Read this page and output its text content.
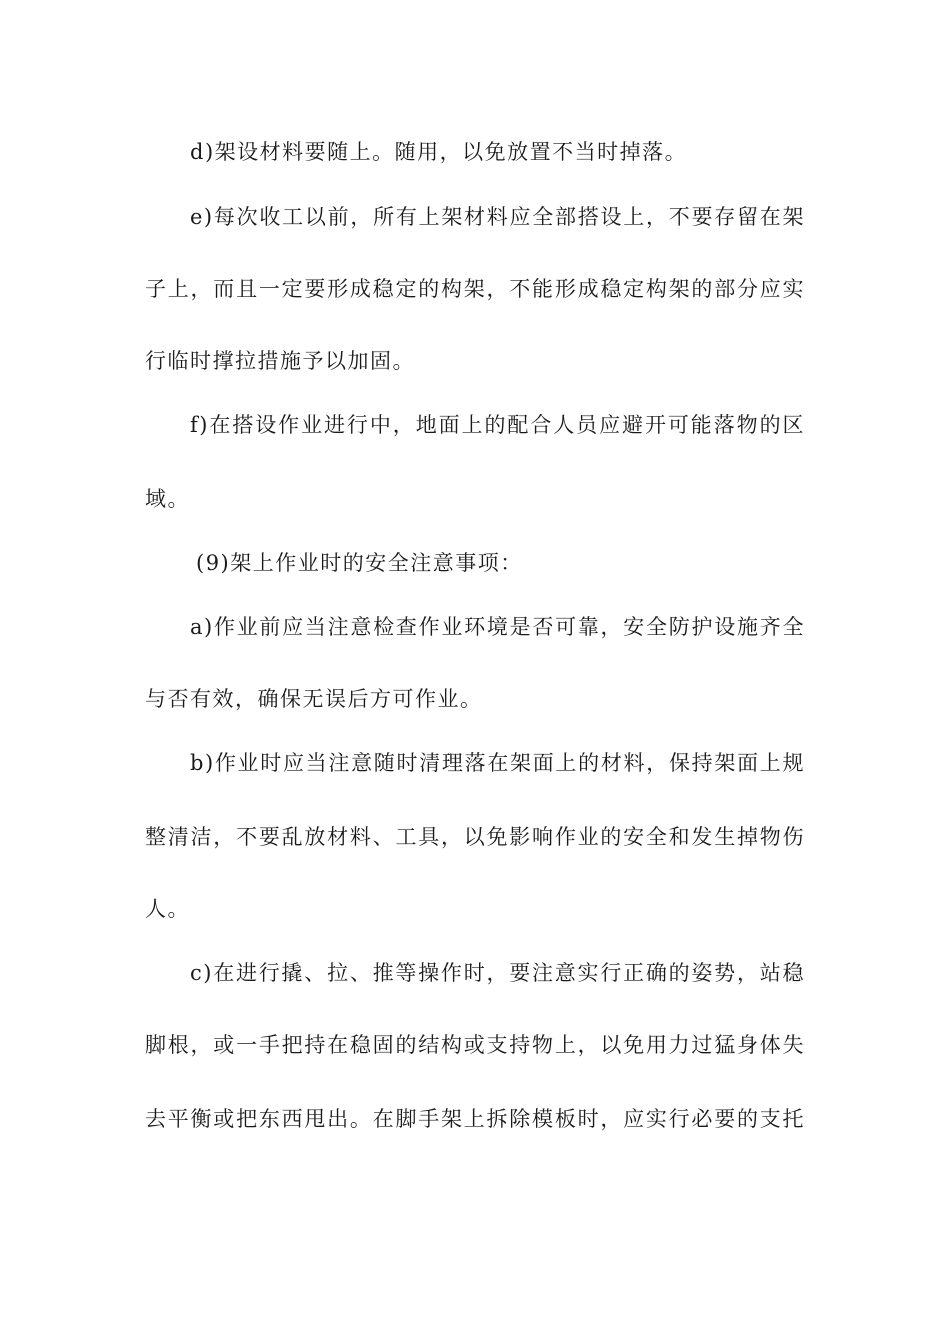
d)架设材料要随上。随用，以免放置不当时掉落。
e)每次收工以前，所有上架材料应全部搭设上，不要存留在架
子上，而且一定要形成稳定的构架，不能形成稳定构架的部分应实
行临时撑拉措施予以加固。
f)在搭设作业进行中，地面上的配合人员应避开可能落物的区
域。
(9)架上作业时的安全注意事项：
a)作业前应当注意检查作业环境是否可靠，安全防护设施齐全
与否有效，确保无误后方可作业。
b)作业时应当注意随时清理落在架面上的材料，保持架面上规
整清洁，不要乱放材料、工具，以免影响作业的安全和发生掉物伤
人。
c)在进行撬、拉、推等操作时，要注意实行正确的姿势，站稳
脚根，或一手把持在稳固的结构或支持物上，以免用力过猛身体失
去平衡或把东西甩出。在脚手架上拆除模板时，应实行必要的支托
